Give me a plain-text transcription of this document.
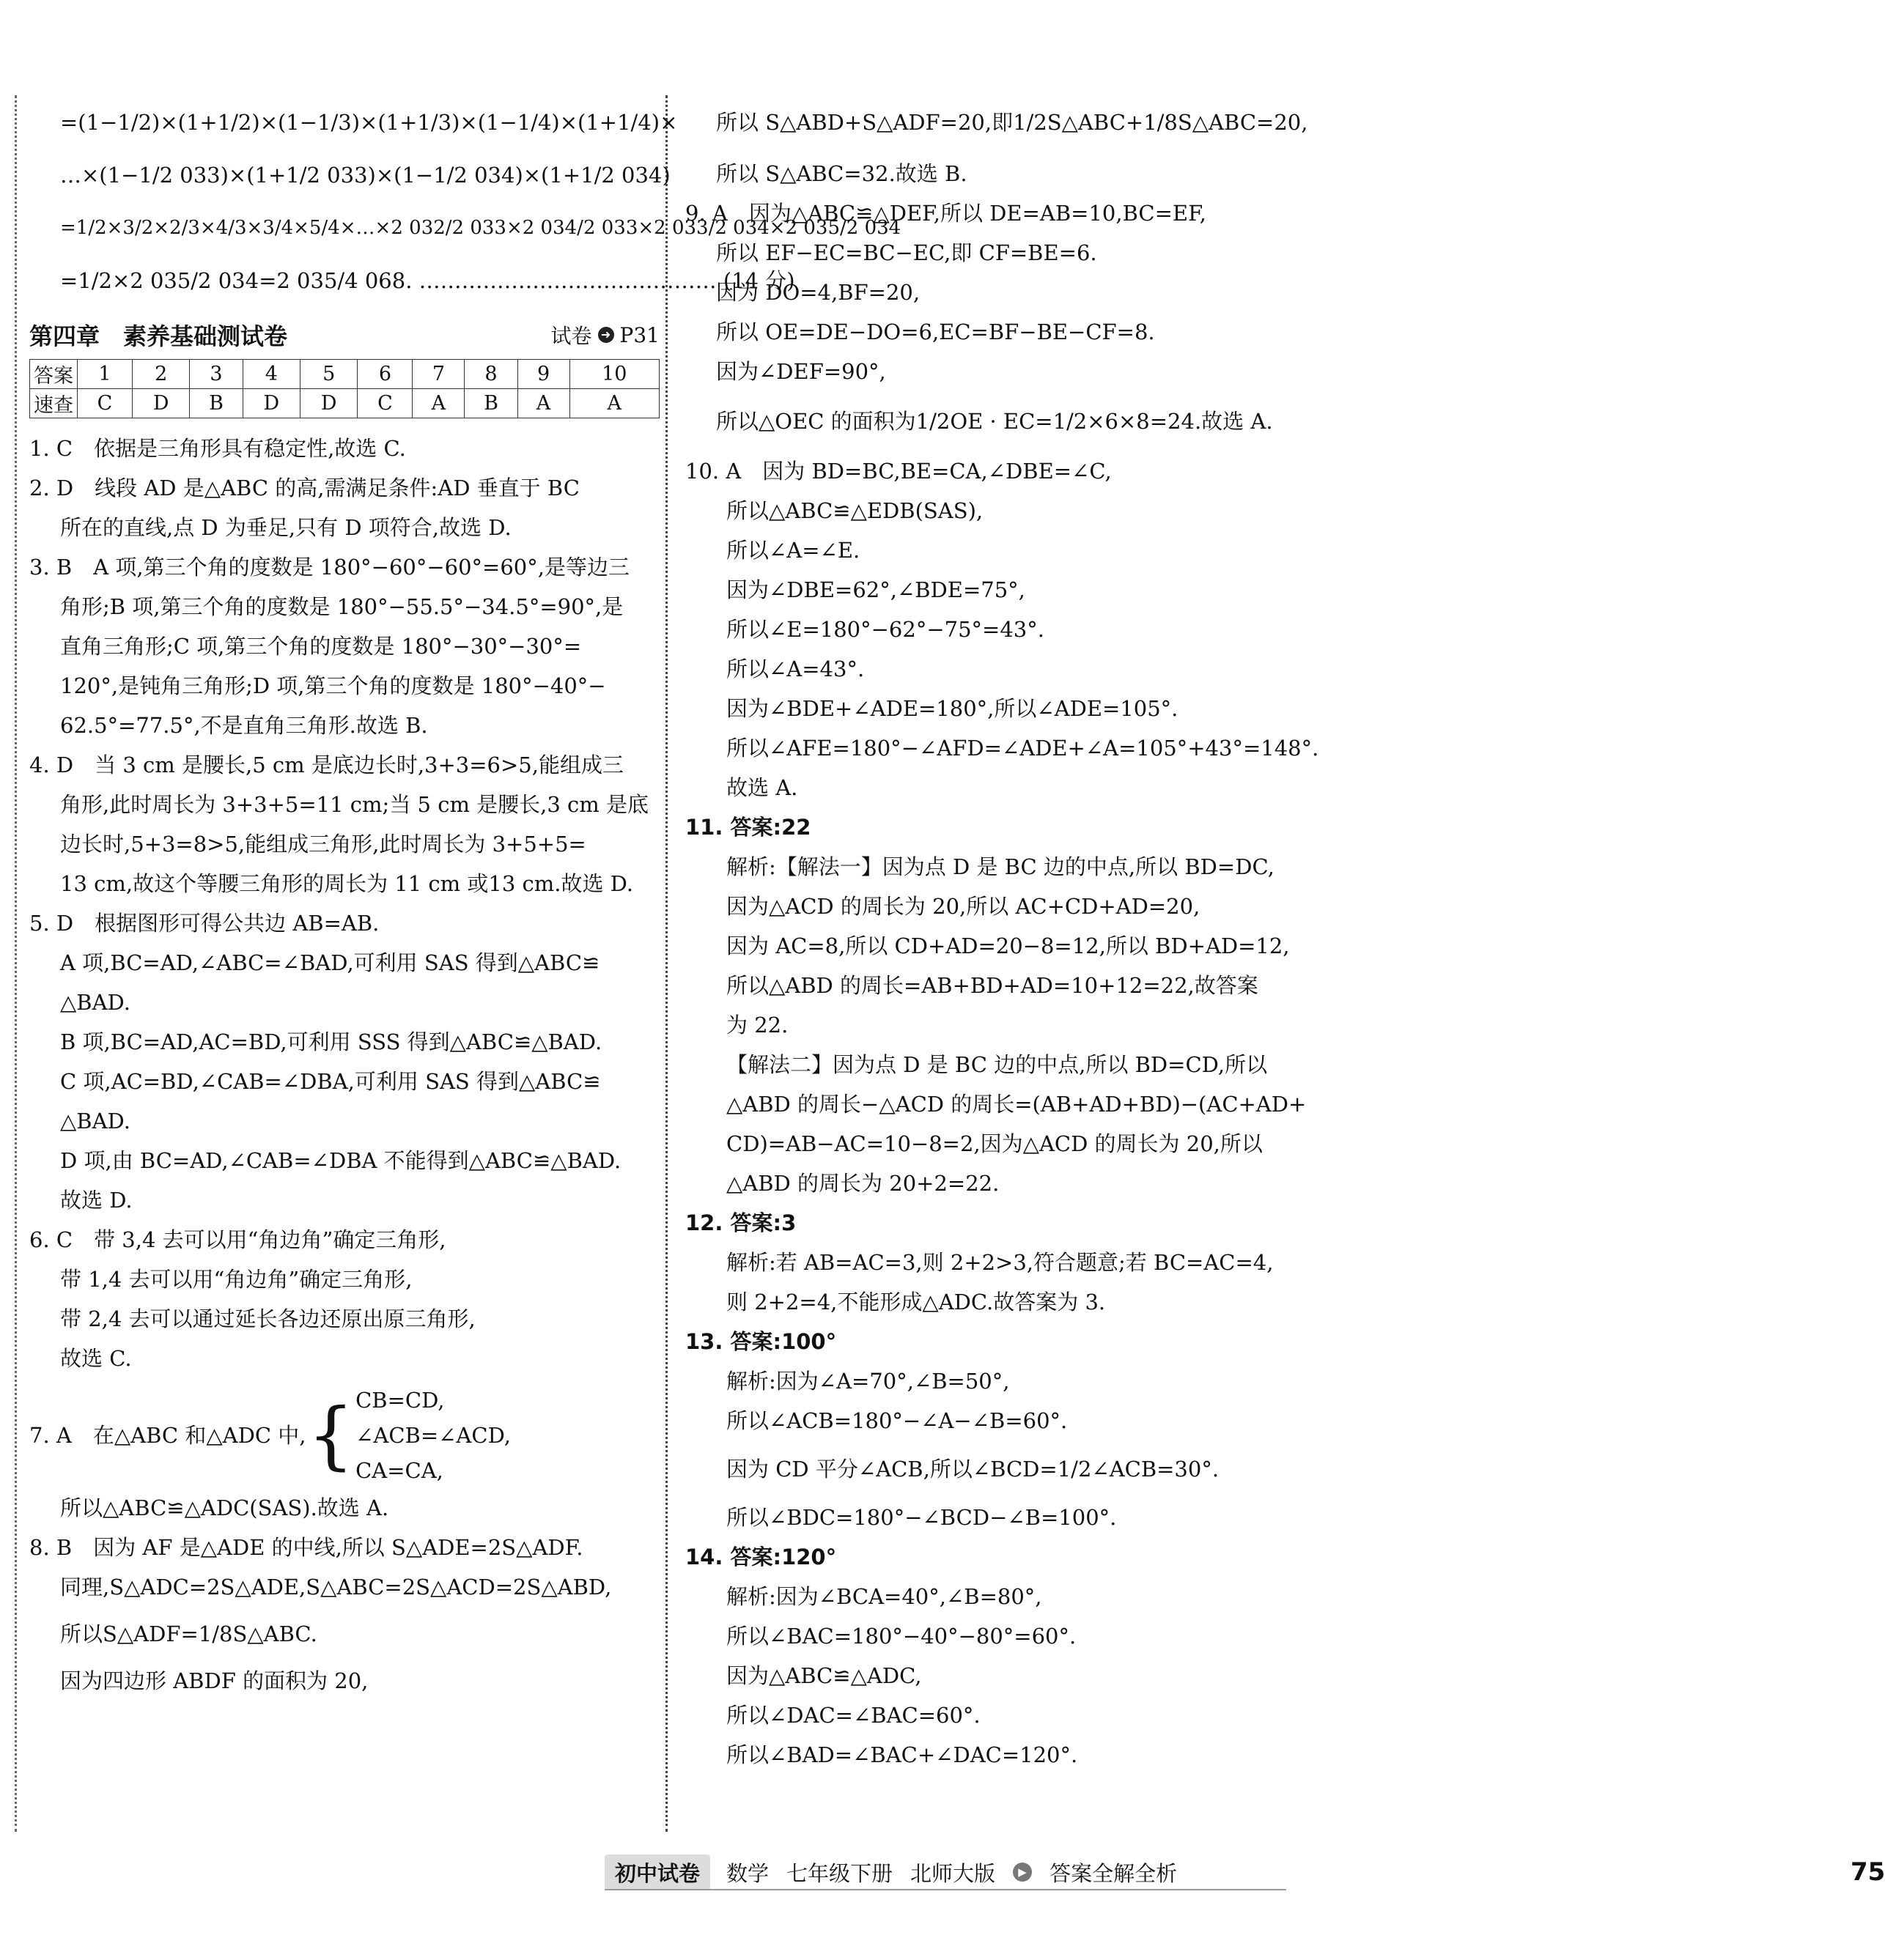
=(1−1/2)×(1+1/2)×(1−1/3)×(1+1/3)×(1−1/4)×(1+1/4)×
…×(1−1/2 033)×(1+1/2 033)×(1−1/2 034)×(1+1/2 034)
=1/2×3/2×2/3×4/3×3/4×5/4×…×2 032/2 033×2 034/2 033×2 033/2 034×2 035/2 034
=1/2×2 035/2 034=2 035/4 068. …………………………………… (14 分)
第四章　素养基础测试卷	试卷 ➜ P31
答案	1	2	3	4	5	6	7	8	9	10
速查	C	D	B	D	D	C	A	B	A	A
1. C　依据是三角形具有稳定性,故选 C.
2. D　线段 AD 是△ABC 的高,需满足条件:AD 垂直于 BC
所在的直线,点 D 为垂足,只有 D 项符合,故选 D.
3. B　A 项,第三个角的度数是 180°−60°−60°=60°,是等边三
角形;B 项,第三个角的度数是 180°−55.5°−34.5°=90°,是
直角三角形;C 项,第三个角的度数是 180°−30°−30°=
120°,是钝角三角形;D 项,第三个角的度数是 180°−40°−
62.5°=77.5°,不是直角三角形.故选 B.
4. D　当 3 cm 是腰长,5 cm 是底边长时,3+3=6>5,能组成三
角形,此时周长为 3+3+5=11 cm;当 5 cm 是腰长,3 cm 是底
边长时,5+3=8>5,能组成三角形,此时周长为 3+5+5=
13 cm,故这个等腰三角形的周长为 11 cm 或13 cm.故选 D.
5. D　根据图形可得公共边 AB=AB.
A 项,BC=AD,∠ABC=∠BAD,可利用 SAS 得到△ABC≌
△BAD.
B 项,BC=AD,AC=BD,可利用 SSS 得到△ABC≌△BAD.
C 项,AC=BD,∠CAB=∠DBA,可利用 SAS 得到△ABC≌
△BAD.
D 项,由 BC=AD,∠CAB=∠DBA 不能得到△ABC≌△BAD.
故选 D.
6. C　带 3,4 去可以用“角边角”确定三角形,
带 1,4 去可以用“角边角”确定三角形,
带 2,4 去可以通过延长各边还原出原三角形,
故选 C.
7. A　在△ABC 和△ADC 中, { CB=CD,
∠ACB=∠ACD,
CA=CA,
所以△ABC≌△ADC(SAS).故选 A.
8. B　因为 AF 是△ADE 的中线,所以 S△ADE=2S△ADF.
同理,S△ADC=2S△ADE,S△ABC=2S△ACD=2S△ABD,
所以S△ADF=1/8S△ABC.
因为四边形 ABDF 的面积为 20,
所以 S△ABD+S△ADF=20,即1/2S△ABC+1/8S△ABC=20,
所以 S△ABC=32.故选 B.
9. A　因为△ABC≌△DEF,所以 DE=AB=10,BC=EF,
所以 EF−EC=BC−EC,即 CF=BE=6.
因为 DO=4,BF=20,
所以 OE=DE−DO=6,EC=BF−BE−CF=8.
因为∠DEF=90°,
所以△OEC 的面积为1/2OE · EC=1/2×6×8=24.故选 A.
10. A　因为 BD=BC,BE=CA,∠DBE=∠C,
所以△ABC≌△EDB(SAS),
所以∠A=∠E.
因为∠DBE=62°,∠BDE=75°,
所以∠E=180°−62°−75°=43°.
所以∠A=43°.
因为∠BDE+∠ADE=180°,所以∠ADE=105°.
所以∠AFE=180°−∠AFD=∠ADE+∠A=105°+43°=148°.
故选 A.
11. 答案:22
解析:【解法一】因为点 D 是 BC 边的中点,所以 BD=DC,
因为△ACD 的周长为 20,所以 AC+CD+AD=20,
因为 AC=8,所以 CD+AD=20−8=12,所以 BD+AD=12,
所以△ABD 的周长=AB+BD+AD=10+12=22,故答案
为 22.
【解法二】因为点 D 是 BC 边的中点,所以 BD=CD,所以
△ABD 的周长−△ACD 的周长=(AB+AD+BD)−(AC+AD+
CD)=AB−AC=10−8=2,因为△ACD 的周长为 20,所以
△ABD 的周长为 20+2=22.
12. 答案:3
解析:若 AB=AC=3,则 2+2>3,符合题意;若 BC=AC=4,
则 2+2=4,不能形成△ADC.故答案为 3.
13. 答案:100°
解析:因为∠A=70°,∠B=50°,
所以∠ACB=180°−∠A−∠B=60°.
因为 CD 平分∠ACB,所以∠BCD=1/2∠ACB=30°.
所以∠BDC=180°−∠BCD−∠B=100°.
14. 答案:120°
解析:因为∠BCA=40°,∠B=80°,
所以∠BAC=180°−40°−80°=60°.
因为△ABC≌△ADC,
所以∠DAC=∠BAC=60°.
所以∠BAD=∠BAC+∠DAC=120°.
初中试卷	数学 七年级下册 北师大版	▶ 答案全解全析	75
